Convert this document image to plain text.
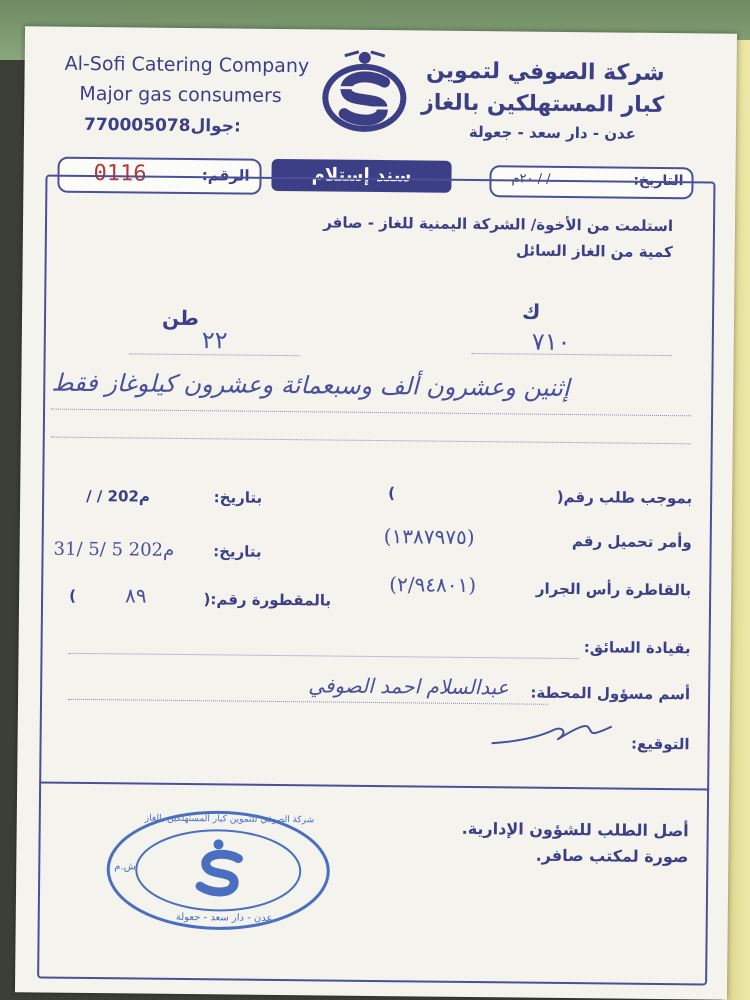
Al-Sofi Catering Company
Major gas consumers
770005078جوال:
شركة الصوفي لتموين
كبار المستهلكين بالغاز
عدن - دار سعد - جعولة
0116	الرقم:	سند إستلام	/ / ٢٠م	التاريخ:
استلمت من الأخوة/ الشركة اليمنية للغاز - صافر
كمية من الغاز السائل
طن	ك
٢٢	٧١٠
إثنين وعشرون ألف وسبعمائة وعشرون كيلوغاز فقط
بموجب طلب رقم(
)
بتاريخ:
/ / 202م
وأمر تحميل رقم
(١٣٨٧٩٧٥)
بتاريخ:
31/ 5/ 5 202م
بالقاطرة رأس الجرار
(٢/٩٤٨٠١)
بالمقطورة رقم:(
٨٩
)
بقيادة السائق:
أسم مسؤول المحطة:
عبدالسلام احمد الصوفي
التوقيع:
أصل الطلب للشؤون الإدارية.
صورة لمكتب صافر.
شركة الصوفي للتموين كبار المستهلكين بالغاز
عدن - دار سعد - جعولة
ش.م
